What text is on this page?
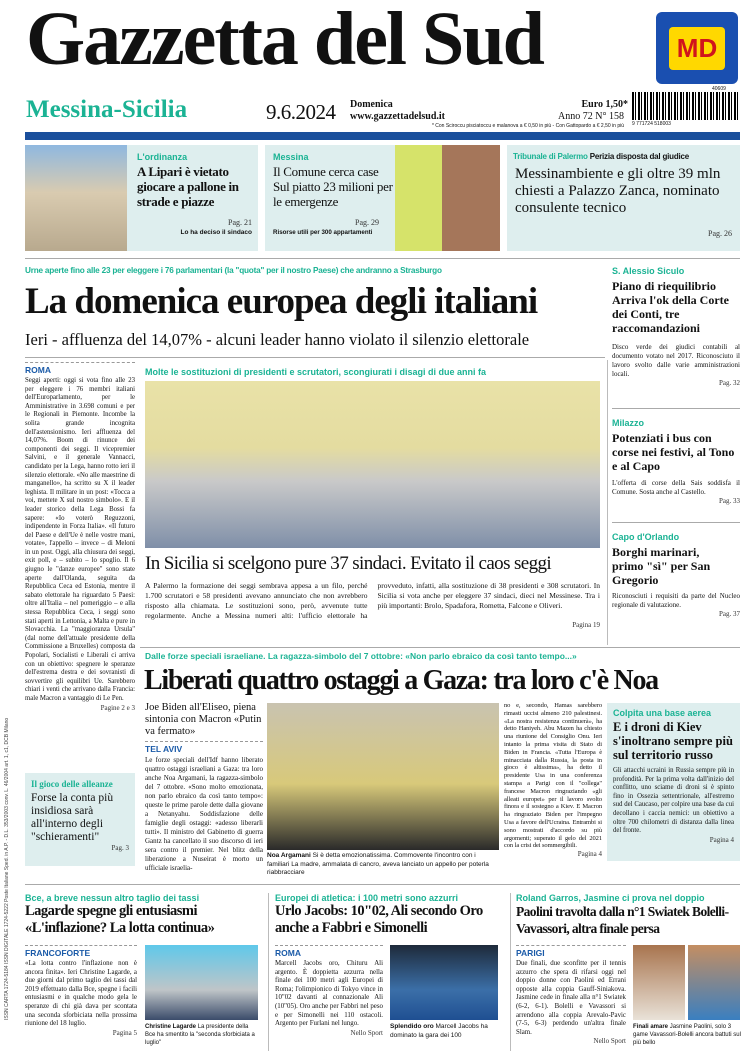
Gazzetta del Sud	MD
Messina-Sicilia	9.6.2024 Domenica
www.gazzettadelsud.it
Euro 1,50*
Anno 72 N° 158
* Con Sciroccu pisciatoccu e malanova a € 0,50 in più - Con Gattopardo a € 2,50 in più
40609
9 771724 518003
L'ordinanza
A Lipari è vietato giocare a pallone in strade e piazze
Pag. 21
Lo ha deciso il sindaco
Messina
Il Comune cerca case Sul piatto 23 milioni per le emergenze
Pag. 29
Risorse utili per 300 appartamenti
Tribunale di Palermo Perizia disposta dal giudice
Messinambiente e gli oltre 39 mln chiesti a Palazzo Zanca, nominato consulente tecnico
Pag. 26
Urne aperte fino alle 23 per eleggere i 76 parlamentari (la "quota" per il nostro Paese) che andranno a Strasburgo
La domenica europea degli italiani
Ieri - affluenza del 14,07% - alcuni leader hanno violato il silenzio elettorale
ROMA
Seggi aperti: oggi si vota fino alle 23 per eleggere i 76 membri italiani dell'Europarlamento, per le Amministrative in 3.698 comuni e per le Regionali in Piemonte. Incombe la solita grande incognita dell'astensionismo. Ieri affluenza del 14,07%. Boom di rinunce dei componenti dei seggi. Il vicepremier Salvini, e il generale Vannacci, candidato per la Lega, hanno rotto ieri il silenzio elettorale. «No alle maestrine di manganello», ha scritto su X il leader leghista. Il militare in un post: «Tocca a voi, mettete X sul nostro simbolo». E il leader storico della Lega Bossi fa sapere: «Io voterò Reguzzoni, indipendente in Forza Italia». «Il futuro del Paese e dell'Ue è nelle vostre mani, votate», l'appello – invece – di Meloni in un post. Oggi, alla chiusura dei seggi, exit poll, e – subito – lo spoglio. Il 6 giugno le "danze europee" sono state aperte dall'Olanda, seguita da Repubblica Ceca ed Estonia, mentre il sabato elettorale ha riguardato 5 Paesi: oltre all'Italia – nel pomeriggio – e alla stessa Repubblica Ceca, i seggi sono stati aperti in Lettonia, a Malta e pure in Slovacchia. La "maggioranza Ursula" (dal nome dell'attuale presidente della Commissione a Bruxelles) composta da Popolari, Socialisti e Liberali ci arriva con un obiettivo: spegnere le speranze dell'estrema destra e dei sovranisti di sovvertire gli equilibri Ue. Sarebbero chiari i venti che arrivano dalla Francia: male Macron a vantaggio di Le Pen.
Pagine 2 e 3
ISSN CARTA 1724-5184 ISSN DIGITALE 1724-5222 Poste Italiane Sped. in A.P. - D.L. 353/2003 conv. L. 46/2004 art. 1, c1, DCB Milano
Molte le sostituzioni di presidenti e scrutatori, scongiurati i disagi di due anni fa
In Sicilia si scelgono pure 37 sindaci. Evitato il caos seggi
A Palermo la formazione dei seggi sembrava appesa a un filo, perché 1.700 scrutatori e 58 presidenti avevano annunciato che non avrebbero risposto alla chiamata. Le sostituzioni sono, però, avvenute tutte regolarmente. Anche a Messina numeri alti: l'ufficio elettorale ha provveduto, infatti, alla sostituzione di 38 presidenti e 308 scrutatori. In Sicilia si vota anche per eleggere 37 sindaci, dieci nel Messinese. Tra i più importanti: Brolo, Spadafora, Rometta, Falcone e Oliveri.
Pagina 19
S. Alessio Siculo
Piano di riequilibrio Arriva l'ok della Corte dei Conti, tre raccomandazioni
Disco verde dei giudici contabili al documento votato nel 2017. Riconosciuto il lavoro svolto dalle varie amministrazioni locali.
Pag. 32
Milazzo
Potenziati i bus con corse nei festivi, al Tono e al Capo
L'offerta di corse della Sais soddisfa il Comune. Sosta anche al Castello.
Pag. 33
Capo d'Orlando
Borghi marinari, primo "sì" per San Gregorio
Riconosciuti i requisiti da parte del Nucleo regionale di valutazione.
Pag. 37
Il gioco delle alleanze
Forse la conta più insidiosa sarà all'interno degli "schieramenti"
Pag. 3
Dalle forze speciali israeliane. La ragazza-simbolo del 7 ottobre: «Non parlo ebraico da così tanto tempo...»
Liberati quattro ostaggi a Gaza: tra loro c'è Noa
Joe Biden all'Eliseo, piena sintonia con Macron «Putin va fermato»
TEL AVIV
Le forze speciali dell'Idf hanno liberato quattro ostaggi israeliani a Gaza: tra loro anche Noa Argamani, la ragazza-simbolo del 7 ottobre. «Sono molto emozionata, non parlo ebraico da così tanto tempo»: queste le prime parole dette dalla giovane a Netanyahu. Soddisfazione delle famiglie degli ostaggi: «adesso liberarli tutti». Il ministro del Gabinetto di guerra Gantz ha cancellato il suo discorso di ieri sera contro il premier. Nel blitz della liberazione a Nuseirat è morto un ufficiale israelia-
Noa Argamani Si è detta emozionatissima. Commovente l'incontro con i familiari La madre, ammalata di cancro, aveva lanciato un appello per poterla riabbracciare
no e, secondo, Hamas sarebbero rimasti uccisi almeno 210 palestinesi. «La nostra resistenza continuerà», ha detto Haniyeh. Abu Mazen ha chiesto una riunione del Consiglio Onu. Ieri intanto la prima visita di Stato di Biden in Francia. «Tutta l'Europa è minacciata dalla Russia, la posta in gioco è altissima», ha detto il presidente Usa in una conferenza stampa a Parigi con il "collega" francese Macron ringraziando «gli alleati europei» per il lavoro svolto finora e il sostegno a Kiev. E Macron ha ringraziato Biden per l'impegno Usa a favore dell'Ucraina. Entrambi si sono mostrati d'accordo su più argomenti; superato il gelo del 2021 con la crisi dei sommergibili.
Pagina 4
Colpita una base aerea
E i droni di Kiev s'inoltrano sempre più sul territorio russo
Gli attacchi ucraini in Russia sempre più in profondità. Per la prima volta dall'inizio del conflitto, uno sciame di droni si è spinto fino in Ossezia settentrionale, all'estremo sud del Caucaso, per colpire una base da cui decollano i caccia nemici: un obiettivo a oltre 700 chilometri di distanza dalla linea del fronte.
Pagina 4
Bce, a breve nessun altro taglio dei tassi
Lagarde spegne gli entusiasmi «L'inflazione? La lotta continua»
FRANCOFORTE
«La lotta contro l'inflazione non è ancora finita». Ieri Christine Lagarde, a due giorni dal primo taglio dei tassi dal 2019 effettuato dalla Bce, spegne i facili entusiasmi e in qualche modo gela le speranze di chi già dava per scontata una seconda sforbiciata nella prossima riunione del 18 luglio.
Pagina 5
Christine Lagarde La presidente della Bce ha smentito la "seconda sforbiciata a luglio"
Europei di atletica: i 100 metri sono azzurri
Urlo Jacobs: 10"02, Ali secondo Oro anche a Fabbri e Simonelli
ROMA
Marcell Jacobs oro, Chituru Ali argento. È doppietta azzurra nella finale dei 100 metri agli Europei di Roma; l'olimpionico di Tokyo vince in 10"02 davanti al connazionale Ali (10"05). Oro anche per Fabbri nel peso e per Simonelli nei 110 ostacoli. Argento per Furlani nel lungo.
Nello Sport
Splendido oro Marcell Jacobs ha dominato la gara dei 100
Roland Garros, Jasmine ci prova nel doppio
Paolini travolta dalla n°1 Swiatek Bolelli-Vavassori, altra finale persa
PARIGI
Due finali, due sconfitte per il tennis azzurro che spera di rifarsi oggi nel doppio donne con Paolini ed Errani opposte alla coppia Gauff-Siniakova. Jasmine cede in finale alla n°1 Swiatek (6-2, 6-1). Bolelli e Vavassori si arrendono alla coppia Arevalo-Pavic (7-5, 6-3) perdendo un'altra finale Slam.
Nello Sport
Finali amare Jasmine Paolini, solo 3 game Vavassori-Bolelli ancora battuti sul più bello
